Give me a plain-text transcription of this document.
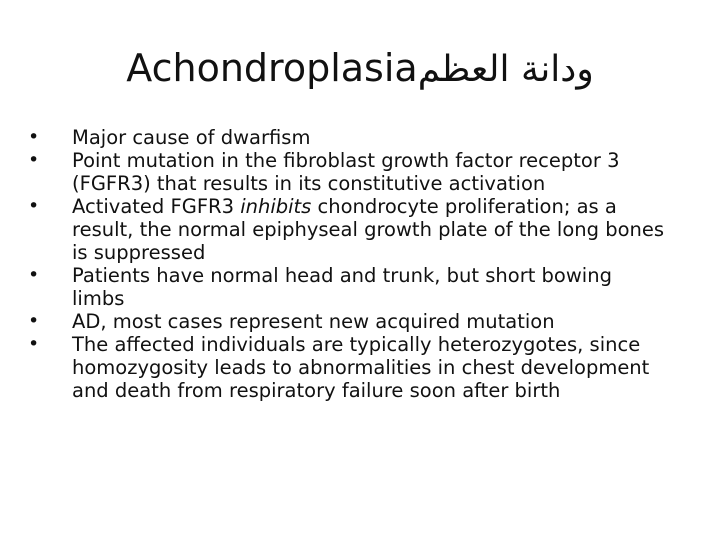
Achondroplasiaودانة العظم
•	Major cause of dwarfism
•	Point mutation in the fibroblast growth factor receptor 3 (FGFR3) that results in its constitutive activation
•	Activated FGFR3 inhibits chondrocyte proliferation; as a result, the normal epiphyseal growth plate of the long bones is suppressed
•	Patients have normal head and trunk, but short bowing limbs
•	AD, most cases represent new acquired mutation
•	The affected individuals are typically heterozygotes, since homozygosity leads to abnormalities in chest development and death from respiratory failure soon after birth
